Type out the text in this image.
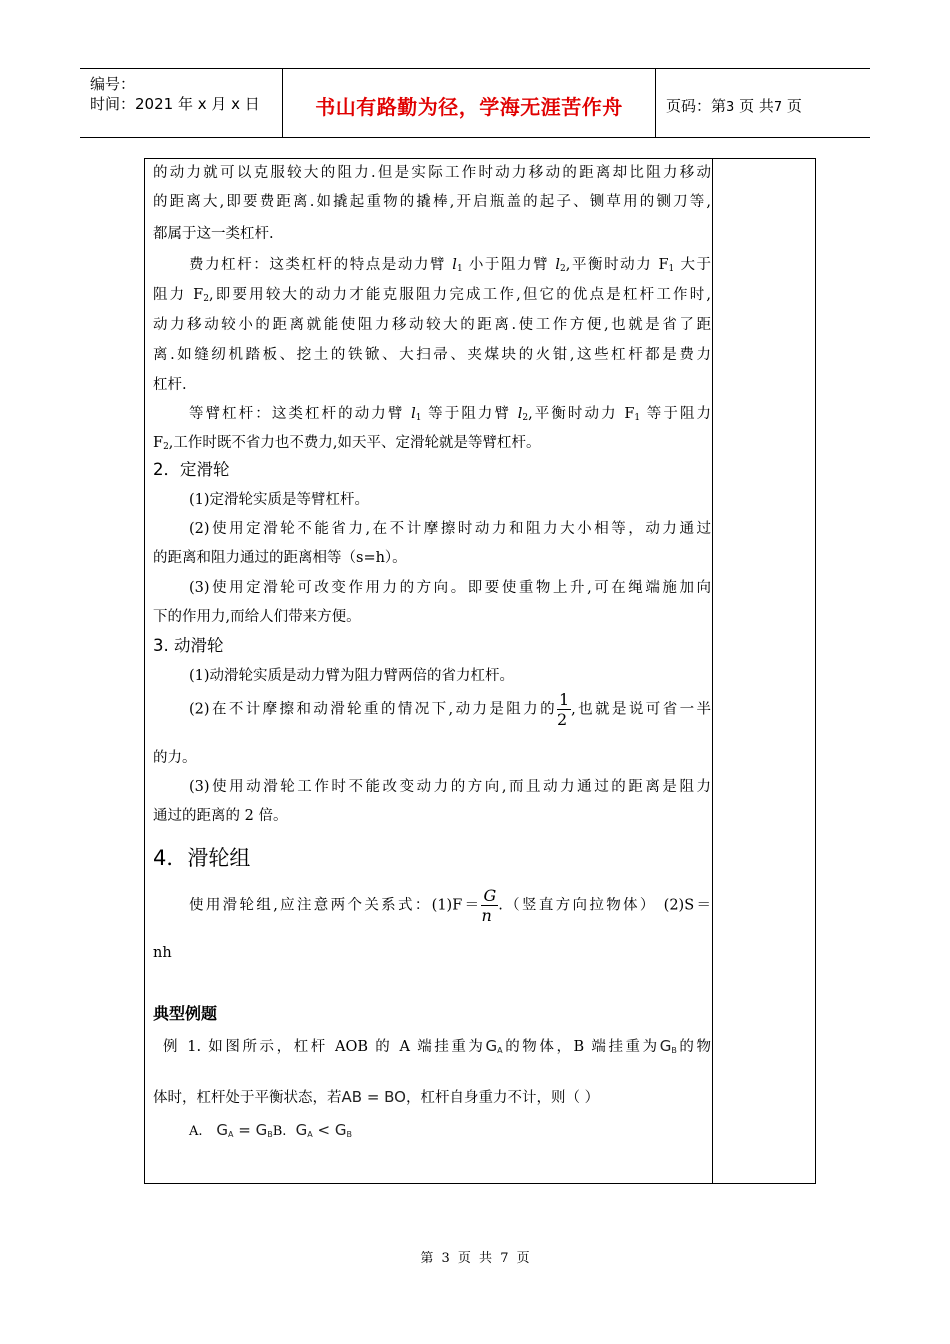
编号：
时间：2021 年 x 月 x 日	书山有路勤为径，学海无涯苦作舟	页码：第3 页 共7 页
的动力就可以克服较大的阻力.但是实际工作时动力移动的距离却比阻力移动
的距离大,即要费距离.如撬起重物的撬棒,开启瓶盖的起子、铡草用的铡刀等,
都属于这一类杠杆.
费力杠杆：这类杠杆的特点是动力臂 $l_1$ 小于阻力臂 $l_2$,平衡时动力 $F_1$ 大于
阻力 $F_2$,即要用较大的动力才能克服阻力完成工作,但它的优点是杠杆工作时,
动力移动较小的距离就能使阻力移动较大的距离.使工作方便,也就是省了距
离.如缝纫机踏板、挖土的铁锨、大扫帚、夹煤块的火钳,这些杠杆都是费力
杠杆.
等臂杠杆：这类杠杆的动力臂 $l_1$ 等于阻力臂 $l_2$,平衡时动力 $F_1$ 等于阻力
$F_2$,工作时既不省力也不费力,如天平、定滑轮就是等臂杠杆。
2．定滑轮
(1)定滑轮实质是等臂杠杆。
(2)使用定滑轮不能省力,在不计摩擦时动力和阻力大小相等，动力通过
的距离和阻力通过的距离相等（s=h）。
(3)使用定滑轮可改变作用力的方向。即要使重物上升,可在绳端施加向
下的作用力,而给人们带来方便。
3. 动滑轮
(1)动滑轮实质是动力臂为阻力臂两倍的省力杠杆。
(2)在不计摩擦和动滑轮重的情况下,动力是阻力的 $\frac{1}{2}$ ,也就是说可省一半
的力。
(3)使用动滑轮工作时不能改变动力的方向,而且动力通过的距离是阻力
通过的距离的 2 倍。
4．滑轮组
使用滑轮组,应注意两个关系式：$(1)F= \frac{G}{n}$ .（竖直方向拉物体） (2)S＝
nh
典型例题
例 1. 如图所示，杠杆 AOB 的 A 端挂重为$G_A$的物体，B 端挂重为$G_B$的物
体时，杠杆处于平衡状态，若AB = BO，杠杆自身重力不计，则（ ）
A. $G_A = G_BB$. $G_A < G_B$
第 3 页 共 7 页
